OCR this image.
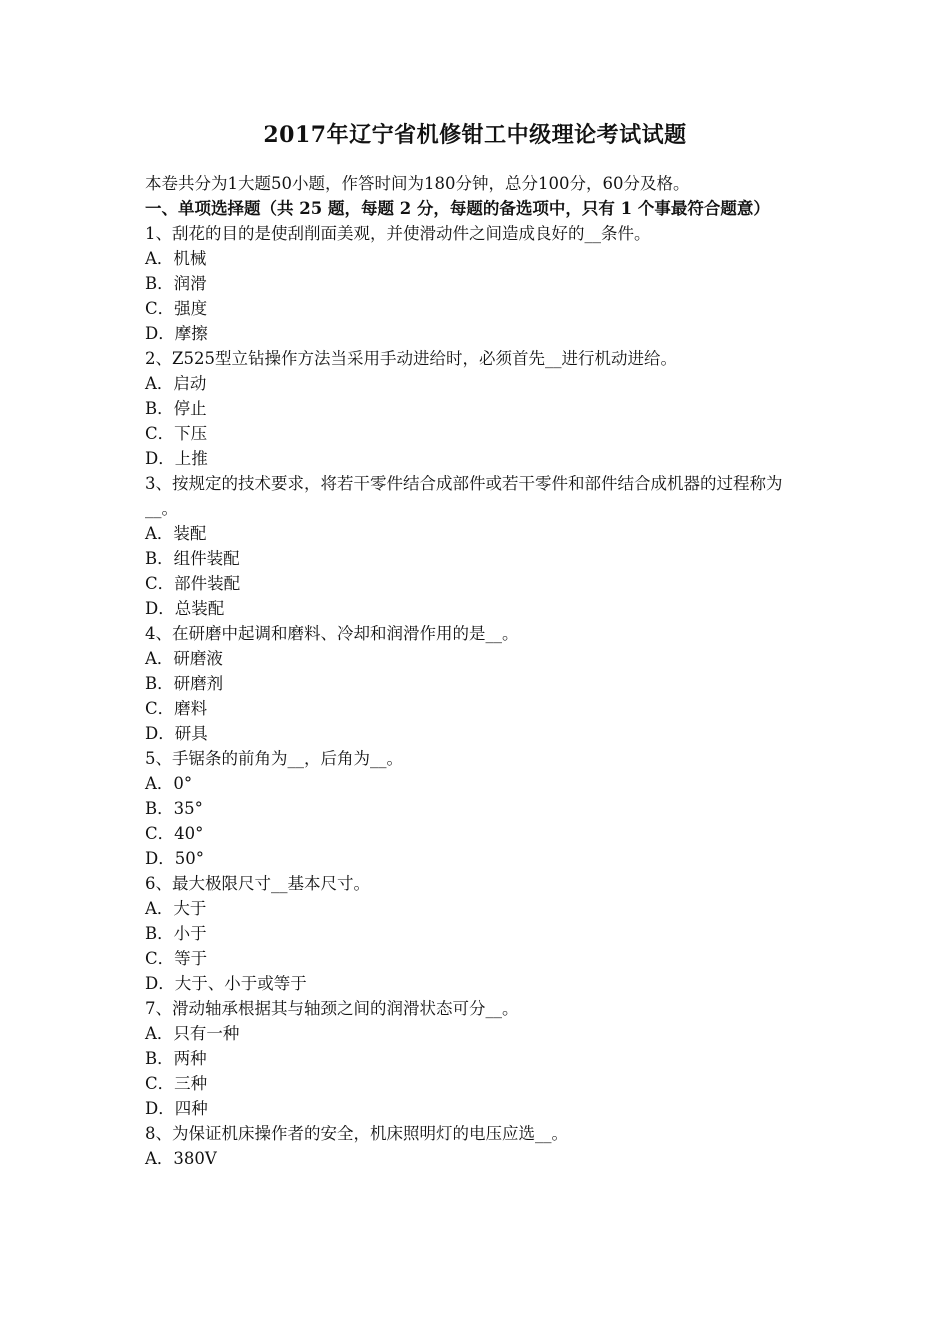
2017年辽宁省机修钳工中级理论考试试题
本卷共分为1大题50小题，作答时间为180分钟，总分100分，60分及格。
一、单项选择题（共 25 题，每题 2 分，每题的备选项中，只有 1 个事最符合题意）
1、刮花的目的是使刮削面美观，并使滑动件之间造成良好的__条件。
A．机械
B．润滑
C．强度
D．摩擦
2、Z525型立钻操作方法当采用手动进给时，必须首先__进行机动进给。
A．启动
B．停止
C．下压
D．上推
3、按规定的技术要求，将若干零件结合成部件或若干零件和部件结合成机器的过程称为__。
A．装配
B．组件装配
C．部件装配
D．总装配
4、在研磨中起调和磨料、冷却和润滑作用的是__。
A．研磨液
B．研磨剂
C．磨料
D．研具
5、手锯条的前角为__，后角为__。
A．0°
B．35°
C．40°
D．50°
6、最大极限尺寸__基本尺寸。
A．大于
B．小于
C．等于
D．大于、小于或等于
7、滑动轴承根据其与轴颈之间的润滑状态可分__。
A．只有一种
B．两种
C．三种
D．四种
8、为保证机床操作者的安全，机床照明灯的电压应选__。
A．380V
